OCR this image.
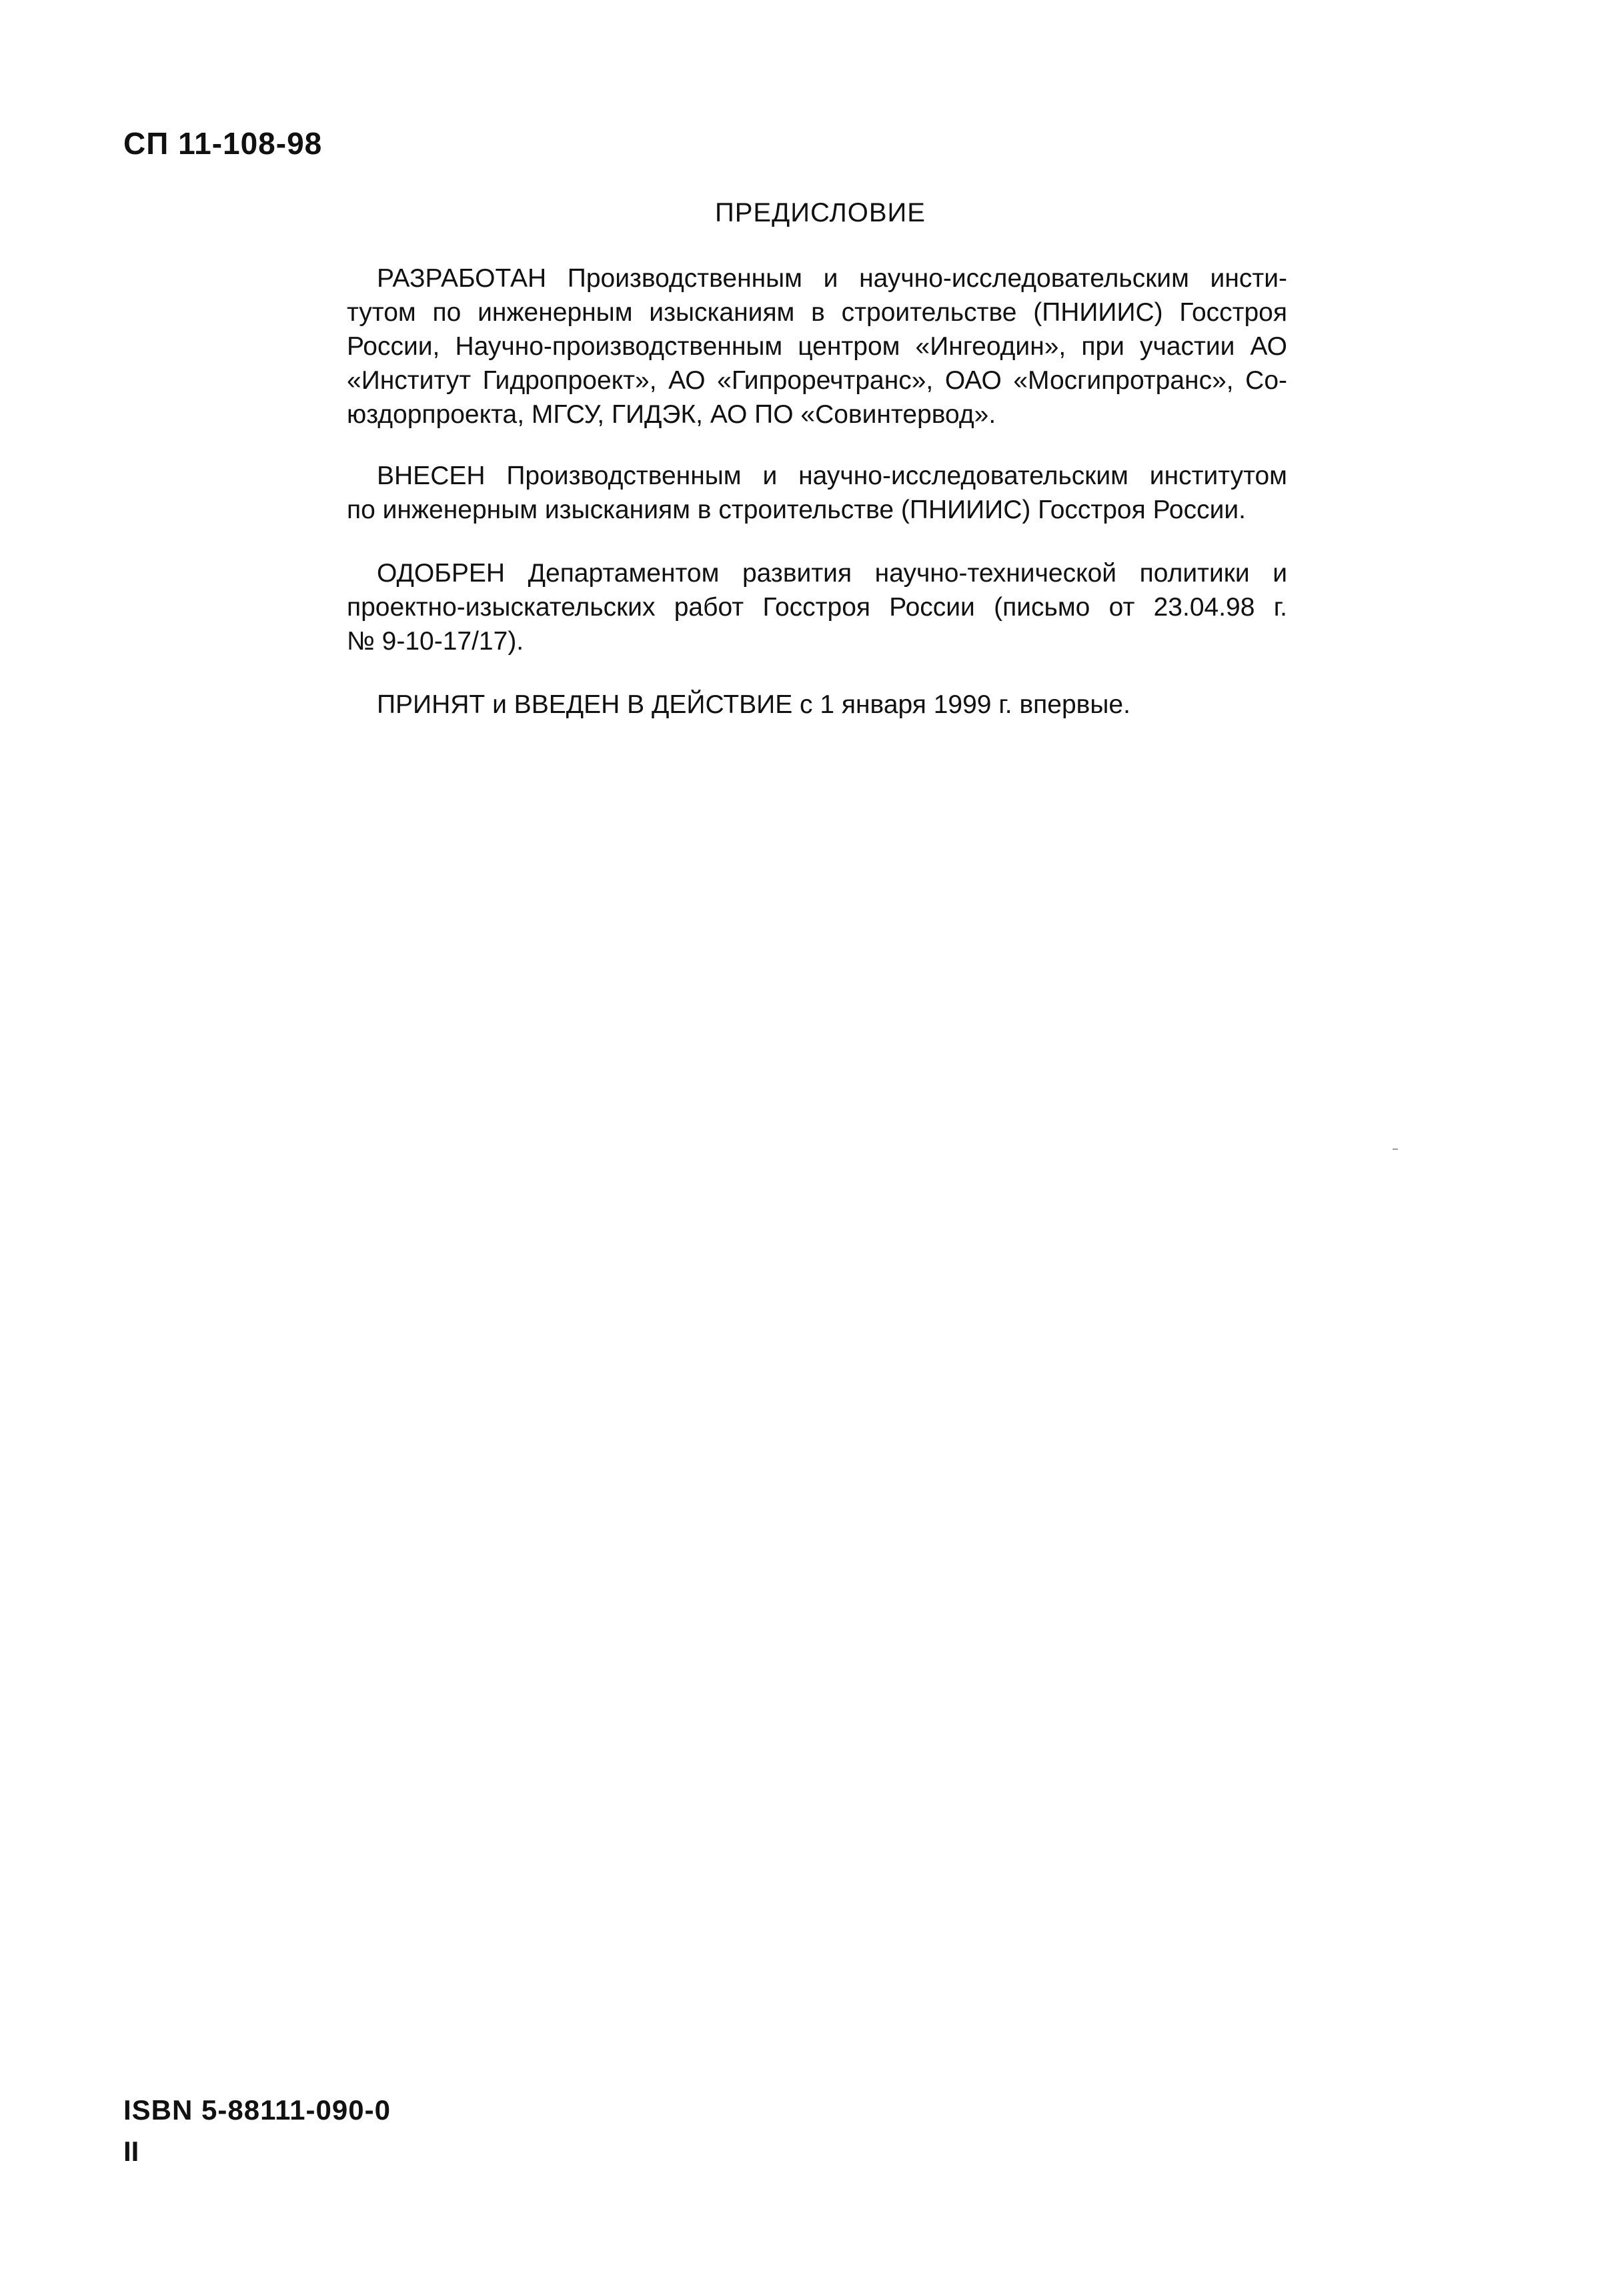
СП 11-108-98
ПРЕДИСЛОВИЕ
РАЗРАБОТАН Производственным и научно-исследовательским инсти-
тутом по инженерным изысканиям в строительстве (ПНИИИС) Госстроя
России, Научно-производственным центром «Ингеодин», при участии АО
«Институт Гидропроект», АО «Гипроречтранс», ОАО «Мосгипротранс», Со-
юздорпроекта, МГСУ, ГИДЭК, АО ПО «Совинтервод».
ВНЕСЕН Производственным и научно-исследовательским институтом
по инженерным изысканиям в строительстве (ПНИИИС) Госстроя России.
ОДОБРЕН Департаментом развития научно-технической политики и
проектно-изыскательских работ Госстроя России (письмо от 23.04.98 г.
№ 9-10-17/17).
ПРИНЯТ и ВВЕДЕН В ДЕЙСТВИЕ с 1 января 1999 г. впервые.
ISBN 5-88111-090-0
II
